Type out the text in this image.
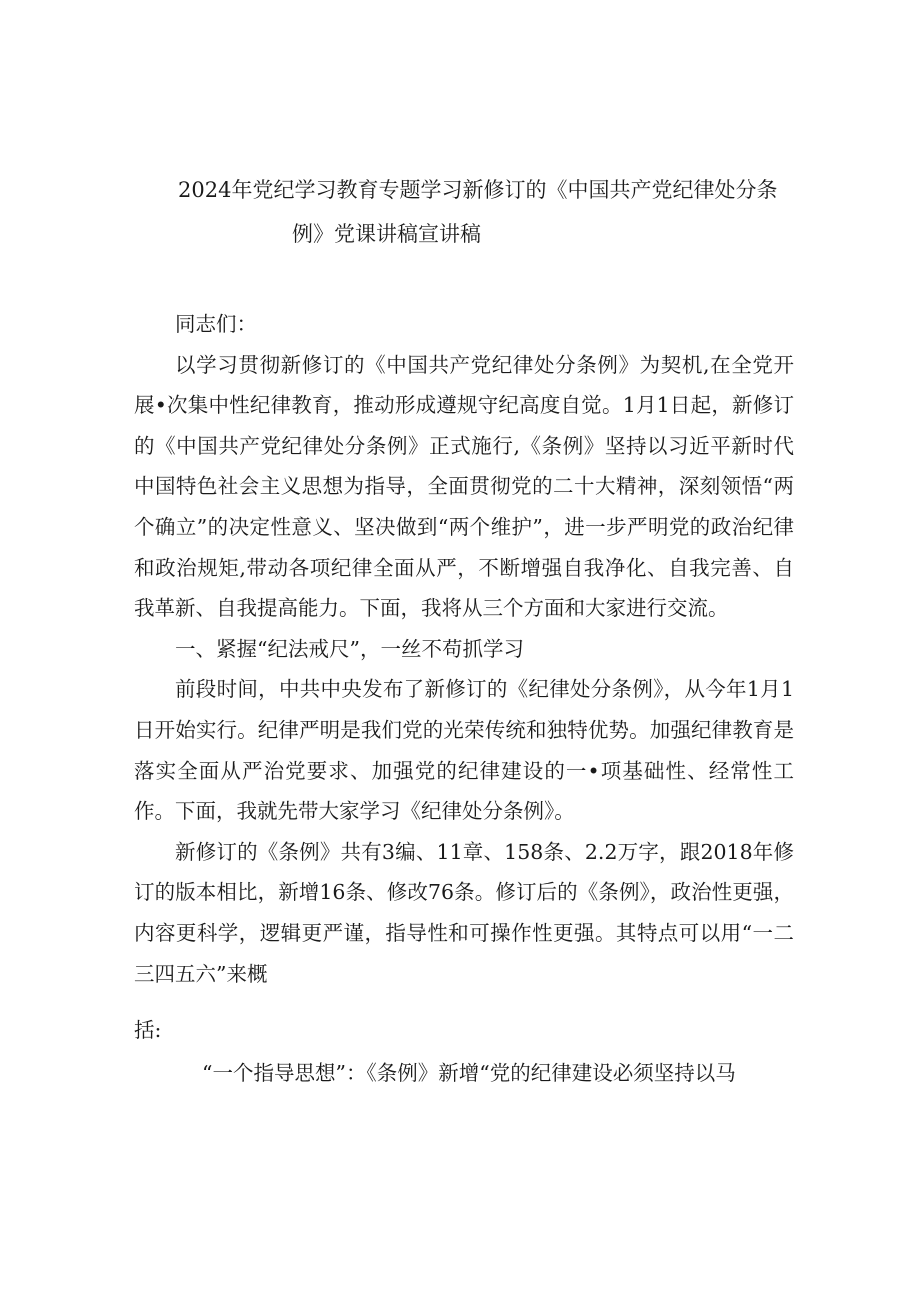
2024年党纪学习教育专题学习新修订的《中国共产党纪律处分条
例》党课讲稿宣讲稿

同志们：

以学习贯彻新修订的《中国共产党纪律处分条例》为契机,在全党开展•次集中性纪律教育，推动形成遵规守纪高度自觉。1月1日起，新修订的《中国共产党纪律处分条例》正式施行,《条例》坚持以习近平新时代中国特色社会主义思想为指导，全面贯彻党的二十大精神，深刻领悟“两个确立”的决定性意义、坚决做到“两个维护”，进一步严明党的政治纪律和政治规矩,带动各项纪律全面从严，不断增强自我净化、自我完善、自我革新、自我提高能力。下面，我将从三个方面和大家进行交流。

一、紧握“纪法戒尺”，一丝不苟抓学习

前段时间，中共中央发布了新修订的《纪律处分条例》，从今年1月1日开始实行。纪律严明是我们党的光荣传统和独特优势。加强纪律教育是落实全面从严治党要求、加强党的纪律建设的一•项基础性、经常性工作。下面，我就先带大家学习《纪律处分条例》。

新修订的《条例》共有3编、11章、158条、2.2万字，跟2018年修订的版本相比，新增16条、修改76条。修订后的《条例》，政治性更强，内容更科学，逻辑更严谨，指导性和可操作性更强。其特点可以用“一二三四五六”来概

括:

“一个指导思想”：《条例》新增“党的纪律建设必须坚持以马
